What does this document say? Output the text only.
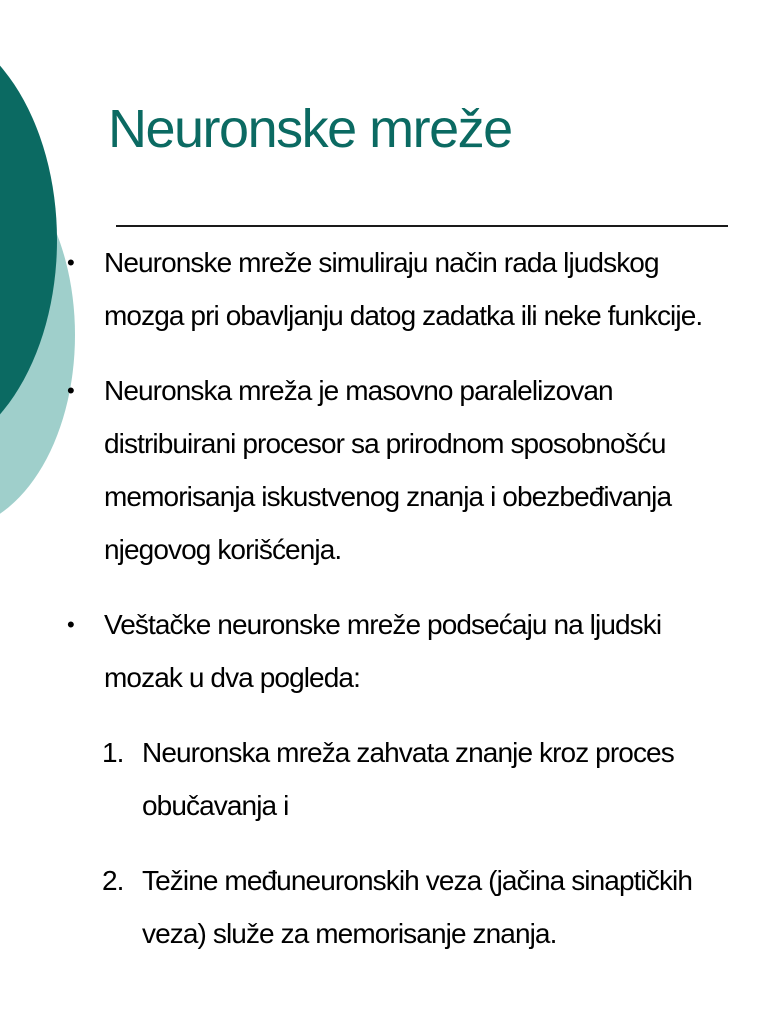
Neuronske mreže
• Neuronske mreže simuliraju način rada ljudskog
mozga pri obavljanju datog zadatka ili neke funkcije.
• Neuronska mreža je masovno paralelizovan
distribuirani procesor sa prirodnom sposobnošću
memorisanja iskustvenog znanja i obezbeđivanja
njegovog korišćenja.
• Veštačke neuronske mreže podsećaju na ljudski
mozak u dva pogleda:
1. Neuronska mreža zahvata znanje kroz proces
obučavanja i
2. Težine međuneuronskih veza (jačina sinaptičkih
veza) služe za memorisanje znanja.
